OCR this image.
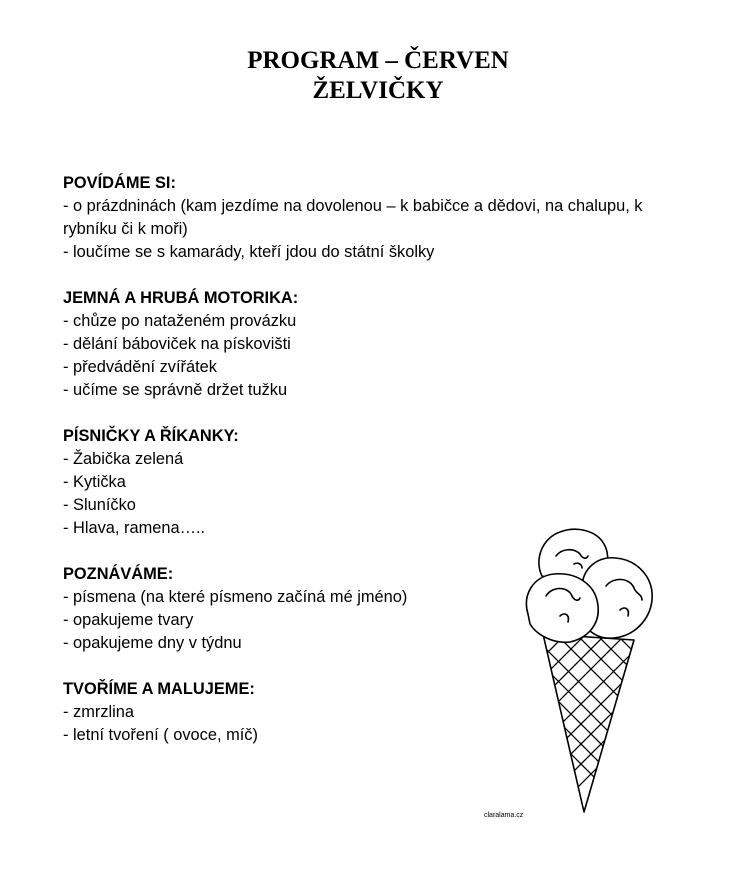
PROGRAM – ČERVEN
ŽELVIČKY
POVÍDÁME SI:
- o prázdninách (kam jezdíme na dovolenou – k babičce a dědovi, na chalupu, k
rybníku či k moři)
- loučíme se s kamarády, kteří jdou do státní školky
JEMNÁ A HRUBÁ MOTORIKA:
- chůze po nataženém provázku
- dělání báboviček na pískovišti
- předvádění zvířátek
- učíme se správně držet tužku
PÍSNIČKY A ŘÍKANKY:
- Žabička zelená
- Kytička
- Sluníčko
- Hlava, ramena…..
POZNÁVÁME:
- písmena (na které písmeno začíná mé jméno)
- opakujeme tvary
- opakujeme dny v týdnu
TVOŘÍME A MALUJEME:
- zmrzlina
- letní tvoření ( ovoce, míč)
claralama.cz
